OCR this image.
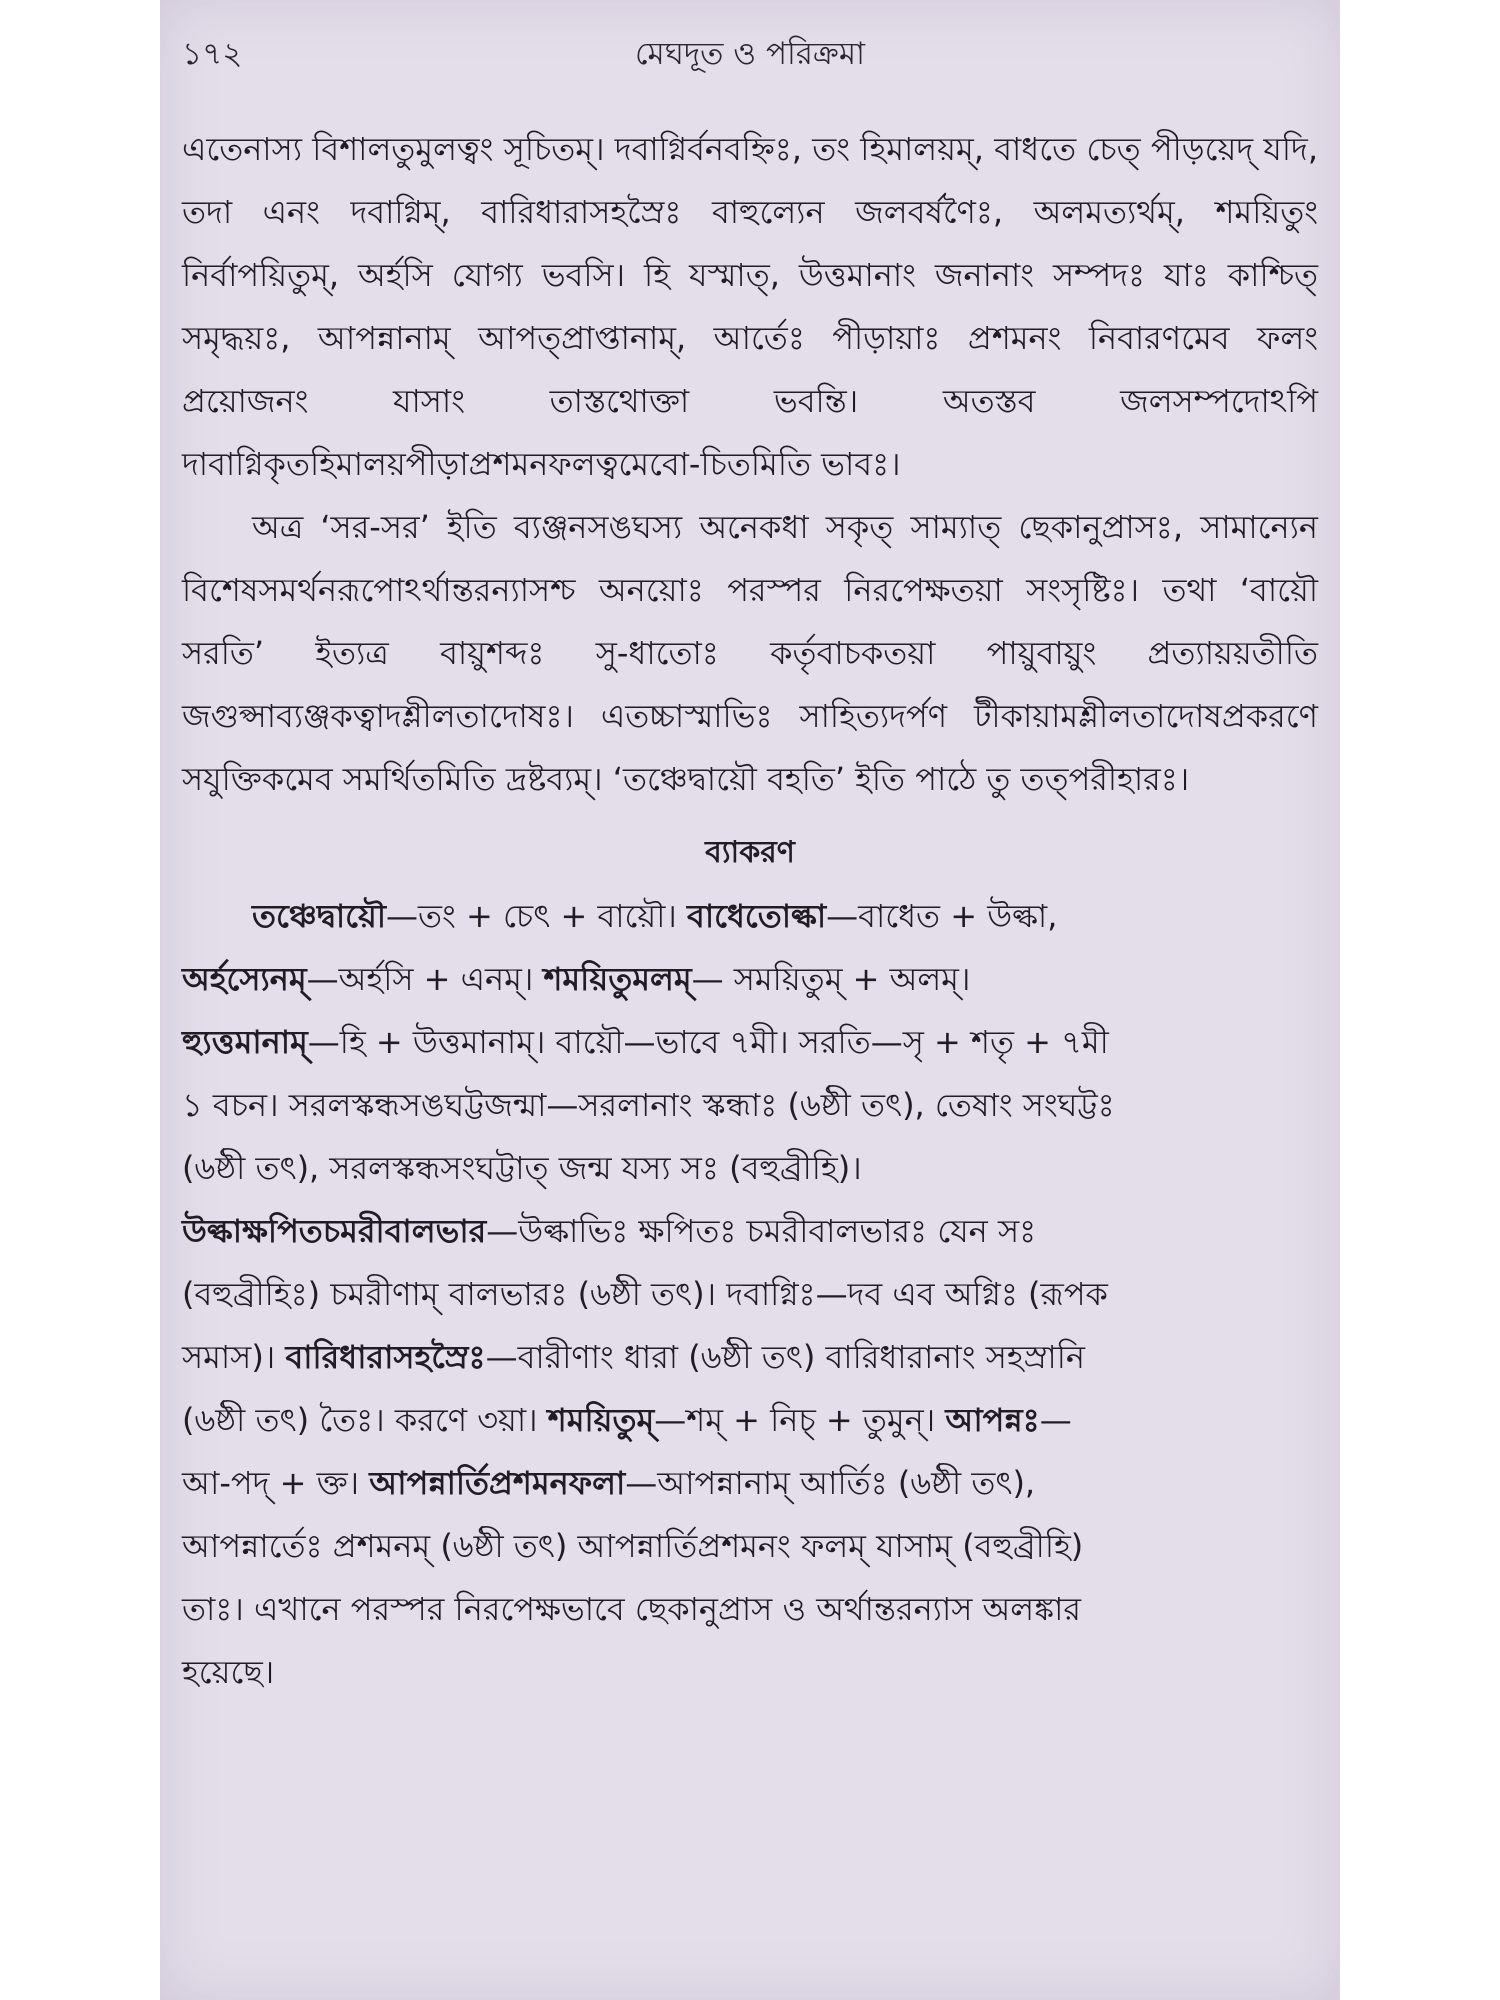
১৭২	মেঘদূত ও পরিক্রমা

এতেনাস্য বিশালতুমুলত্বং সূচিতম্। দবাগ্নির্বনবহ্নিঃ, তং হিমালয়ম্, বাধতে চেত্ পীড়য়েদ্ যদি, তদা এনং দবাগ্নিম্, বারিধারাসহস্রৈঃ বাহুল্যেন জলবর্ষণৈঃ, অলমত্যর্থম্, শময়িতুং নির্বাপয়িতুম্, অর্হসি যোগ্য ভবসি। হি যস্মাত্, উত্তমানাং জনানাং সম্পদঃ যাঃ কাশ্চিত্ সমৃদ্ধয়ঃ, আপন্নানাম্ আপত্প্রাপ্তানাম্, আর্তেঃ পীড়ায়াঃ প্রশমনং নিবারণমেব ফলং প্রয়োজনং যাসাং তাস্তথোক্তা ভবন্তি। অতস্তব জলসম্পদোঽপি দাবাগ্নিকৃতহিমালয়পীড়াপ্রশমনফলত্বমেবো-চিতমিতি ভাবঃ।

অত্র ‘সর-সর’ ইতি ব্যঞ্জনসঙঘস্য অনেকধা সকৃত্ সাম্যাত্ ছেকানুপ্রাসঃ, সামান্যেন বিশেষসমর্থনরূপোঽর্থান্তরন্যাসশ্চ অনয়োঃ পরস্পর নিরপেক্ষতয়া সংসৃষ্টিঃ। তথা ‘বায়ৌ সরতি’ ইত্যত্র বায়ুশব্দঃ সু-ধাতোঃ কর্তৃবাচকতয়া পায়ুবায়ুং প্রত্যায়য়তীতি জগুপ্সাব্যঞ্জকত্বাদশ্লীলতাদোষঃ। এতচ্চাস্মাভিঃ সাহিত্যদর্পণ টীকায়ামশ্লীলতাদোষপ্রকরণে সযুক্তিকমেব সমর্থিতমিতি দ্রষ্টব্যম্। ‘তঞ্চেদ্বায়ৌ বহতি’ ইতি পাঠে তু তত্পরীহারঃ।

ব্যাকরণ

তঞ্চেদ্বায়ৌ—তং + চেৎ + বায়ৌ। বাধেতোল্কা—বাধেত + উল্কা,

অর্হস্যেনম্—অর্হসি + এনম্। শময়িতুমলম্— সময়িতুম্ + অলম্।

হ্যুত্তমানাম্—হি + উত্তমানাম্। বায়ৌ—ভাবে ৭মী। সরতি—সৃ + শতৃ + ৭মী

১ বচন। সরলস্কন্ধসঙঘট্টজন্মা—সরলানাং স্কন্ধাঃ (৬ষ্ঠী তৎ), তেষাং সংঘট্টঃ

(৬ষ্ঠী তৎ), সরলস্কন্ধসংঘট্টাত্ জন্ম যস্য সঃ (বহুব্রীহি)।

উল্কাক্ষপিতচমরীবালভার—উল্কাভিঃ ক্ষপিতঃ চমরীবালভারঃ যেন সঃ

(বহুব্রীহিঃ) চমরীণাম্ বালভারঃ (৬ষ্ঠী তৎ)। দবাগ্নিঃ—দব এব অগ্নিঃ (রূপক

সমাস)। বারিধারাসহস্রৈঃ—বারীণাং ধারা (৬ষ্ঠী তৎ) বারিধারানাং সহস্রানি

(৬ষ্ঠী তৎ) তৈঃ। করণে ৩য়া। শময়িতুম্—শম্ + নিচ্ + তুমুন্। আপন্নঃ—

আ-পদ্ + ক্ত। আপন্নার্তিপ্রশমনফলা—আপন্নানাম্ আর্তিঃ (৬ষ্ঠী তৎ),

আপন্নার্তেঃ প্রশমনম্ (৬ষ্ঠী তৎ) আপন্নার্তিপ্রশমনং ফলম্ যাসাম্ (বহুব্রীহি)

তাঃ। এখানে পরস্পর নিরপেক্ষভাবে ছেকানুপ্রাস ও অর্থান্তরন্যাস অলঙ্কার

হয়েছে।
